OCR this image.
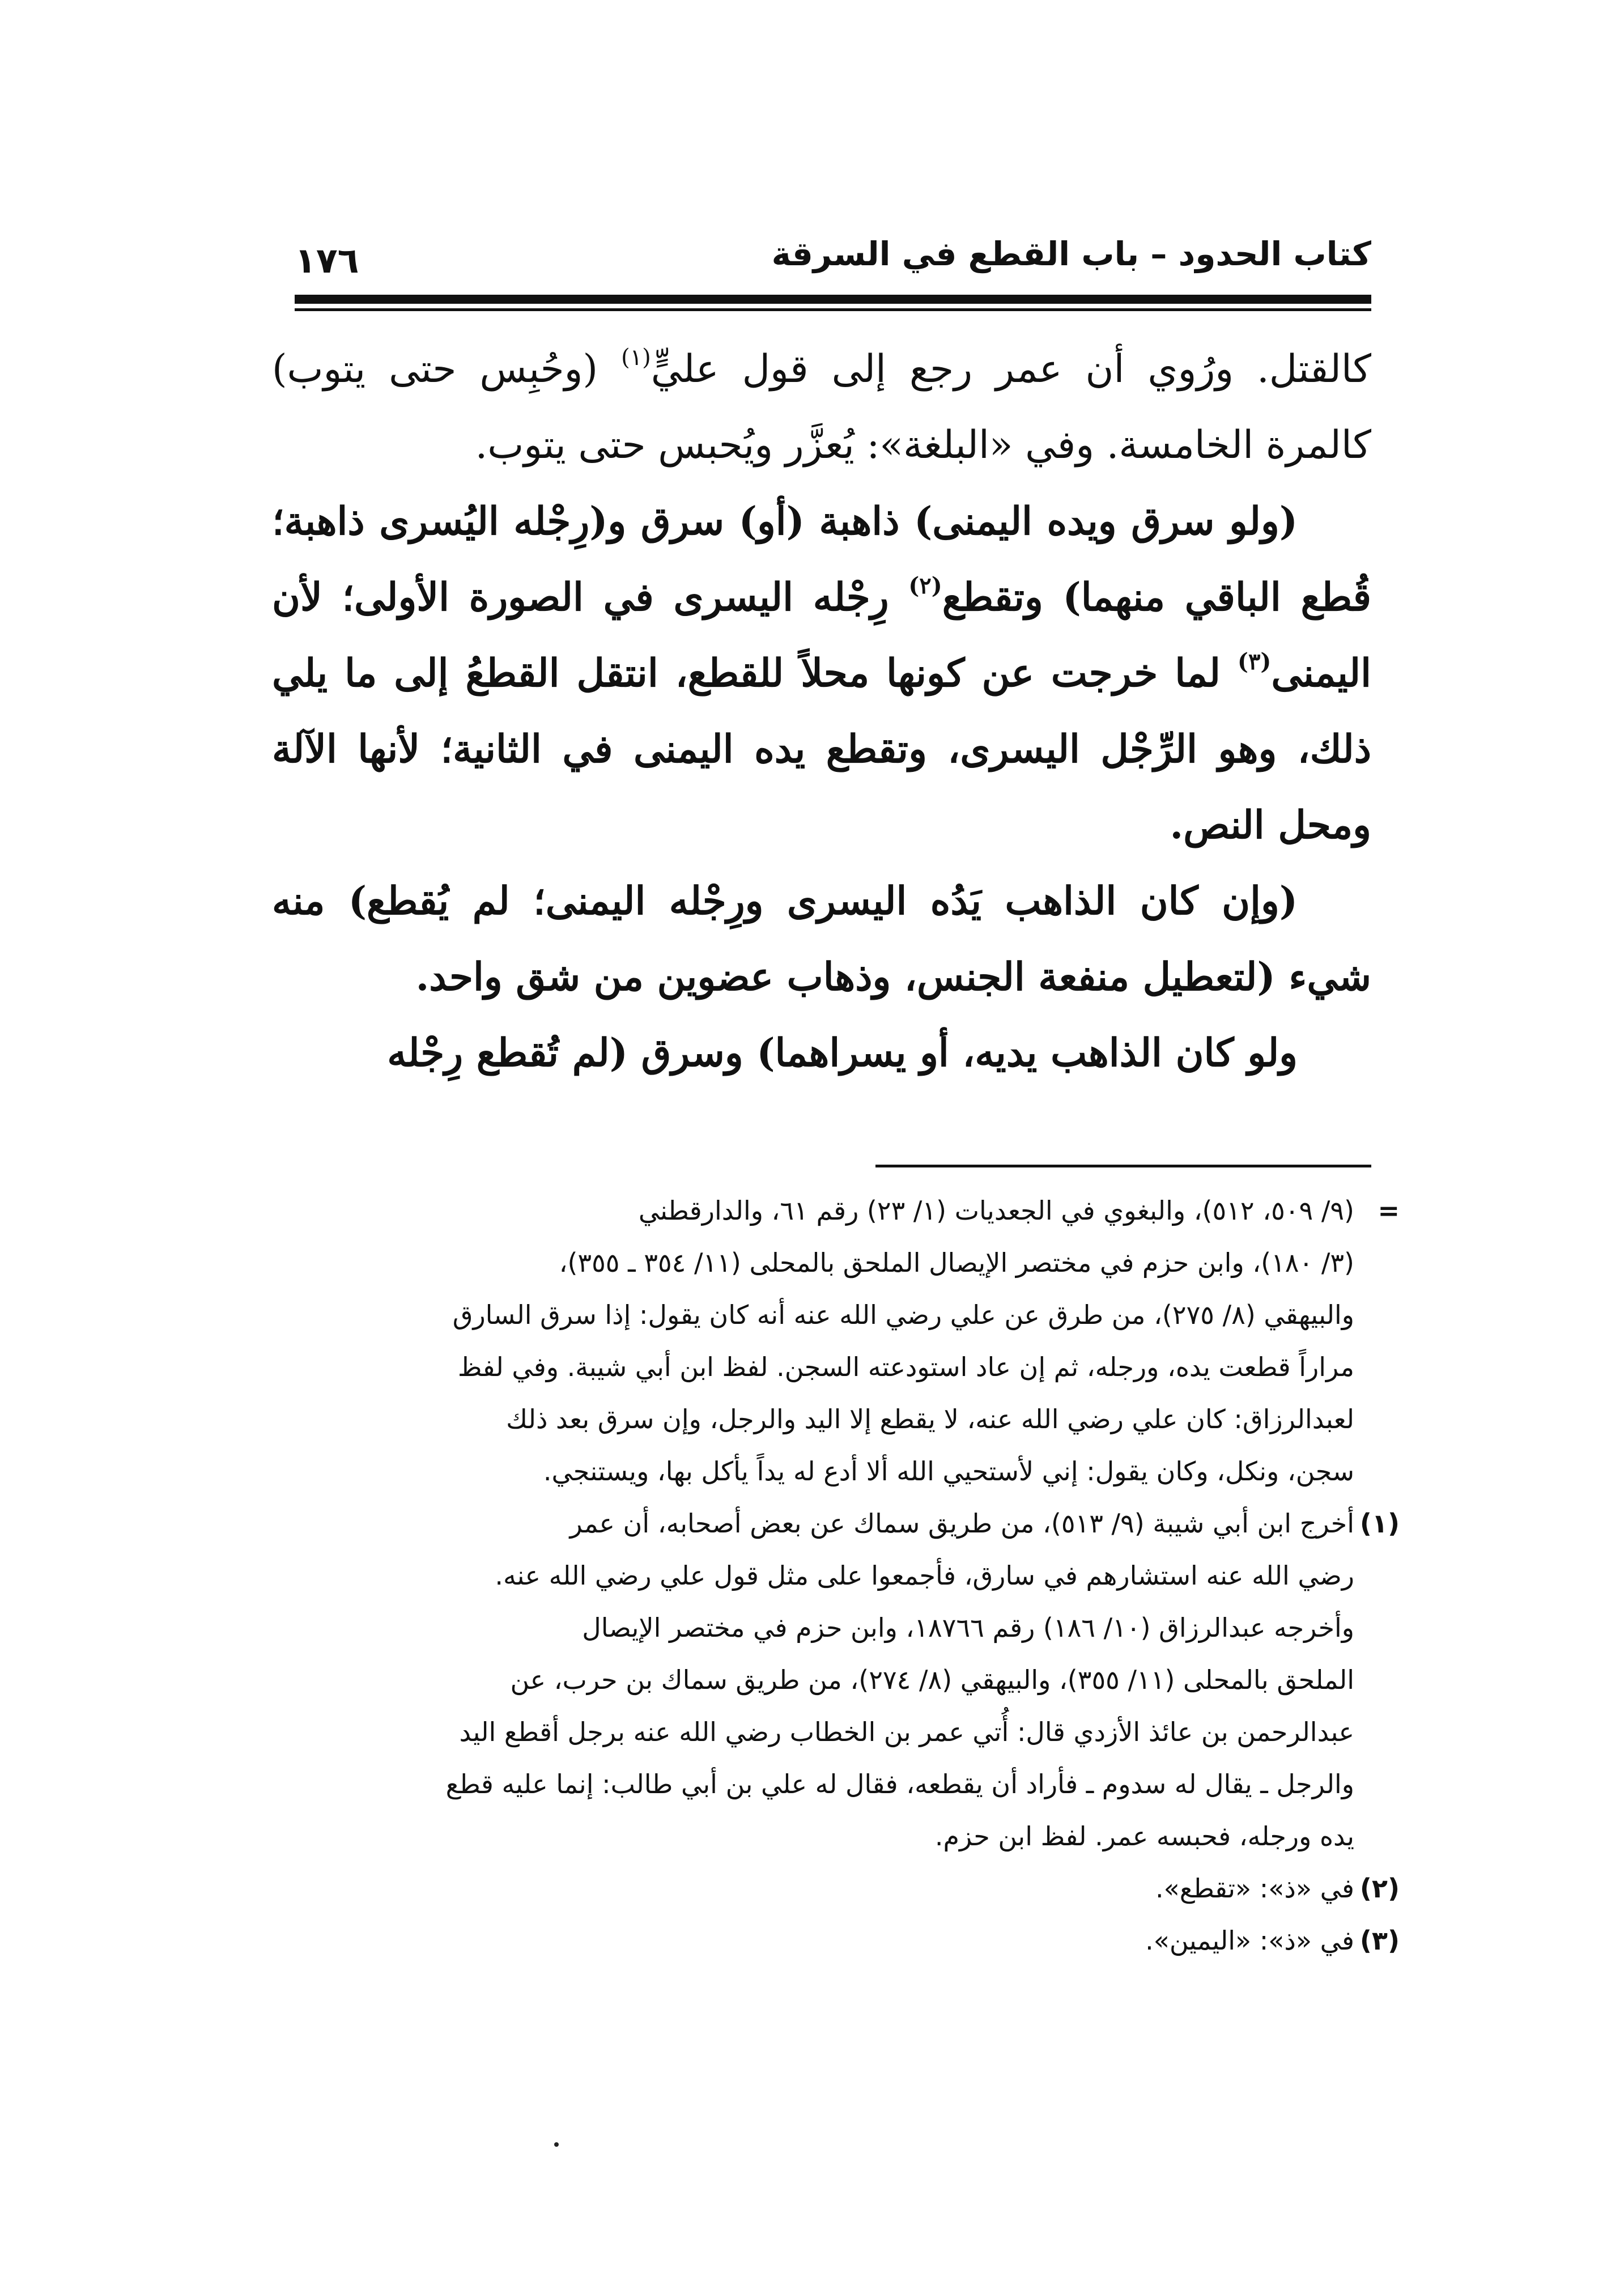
كتاب الحدود – باب القطع في السرقة
١٧٦

كالقتل. ورُوي أن عمر رجع إلى قول عليٍّ$^{(١)}$ (وحُبِس حتى يتوب) كالمرة الخامسة. وفي «البلغة»: يُعزَّر ويُحبس حتى يتوب.

(ولو سرق ويده اليمنى) ذاهبة (أو) سرق و(رِجْله اليُسرى ذاهبة؛ قُطع الباقي منهما) وتقطع$^{(٢)}$ رِجْله اليسرى في الصورة الأولى؛ لأن اليمنى$^{(٣)}$ لما خرجت عن كونها محلاً للقطع، انتقل القطعُ إلى ما يلي ذلك، وهو الرِّجْل اليسرى، وتقطع يده اليمنى في الثانية؛ لأنها الآلة ومحل النص.

(وإن كان الذاهب يَدُه اليسرى ورِجْله اليمنى؛ لم يُقطع) منه شيء (لتعطيل منفعة الجنس، وذهاب عضوين من شق واحد.

ولو كان الذاهب يديه، أو يسراهما) وسرق (لم تُقطع رِجْله

=
(٩/ ٥٠٩، ٥١٢)، والبغوي في الجعديات (١/ ٢٣) رقم ٦١، والدارقطني
(٣/ ١٨٠)، وابن حزم في مختصر الإيصال الملحق بالمحلى (١١/ ٣٥٤ ـ ٣٥٥)،
والبيهقي (٨/ ٢٧٥)، من طرق عن علي رضي الله عنه أنه كان يقول: إذا سرق السارق
مراراً قطعت يده، ورجله، ثم إن عاد استودعته السجن. لفظ ابن أبي شيبة. وفي لفظ
لعبدالرزاق: كان علي رضي الله عنه، لا يقطع إلا اليد والرجل، وإن سرق بعد ذلك
سجن، ونكل، وكان يقول: إني لأستحيي الله ألا أدع له يداً يأكل بها، ويستنجي.
(١)
أخرج ابن أبي شيبة (٩/ ٥١٣)، من طريق سماك عن بعض أصحابه، أن عمر
رضي الله عنه استشارهم في سارق، فأجمعوا على مثل قول علي رضي الله عنه.
وأخرجه عبدالرزاق (١٠/ ١٨٦) رقم ١٨٧٦٦، وابن حزم في مختصر الإيصال
الملحق بالمحلى (١١/ ٣٥٥)، والبيهقي (٨/ ٢٧٤)، من طريق سماك بن حرب، عن
عبدالرحمن بن عائذ الأزدي قال: أُتي عمر بن الخطاب رضي الله عنه برجل أقطع اليد
والرجل ـ يقال له سدوم ـ فأراد أن يقطعه، فقال له علي بن أبي طالب: إنما عليه قطع
يده ورجله، فحبسه عمر. لفظ ابن حزم.
(٢)
في «ذ»: «تقطع».
(٣)
في «ذ»: «اليمين».
